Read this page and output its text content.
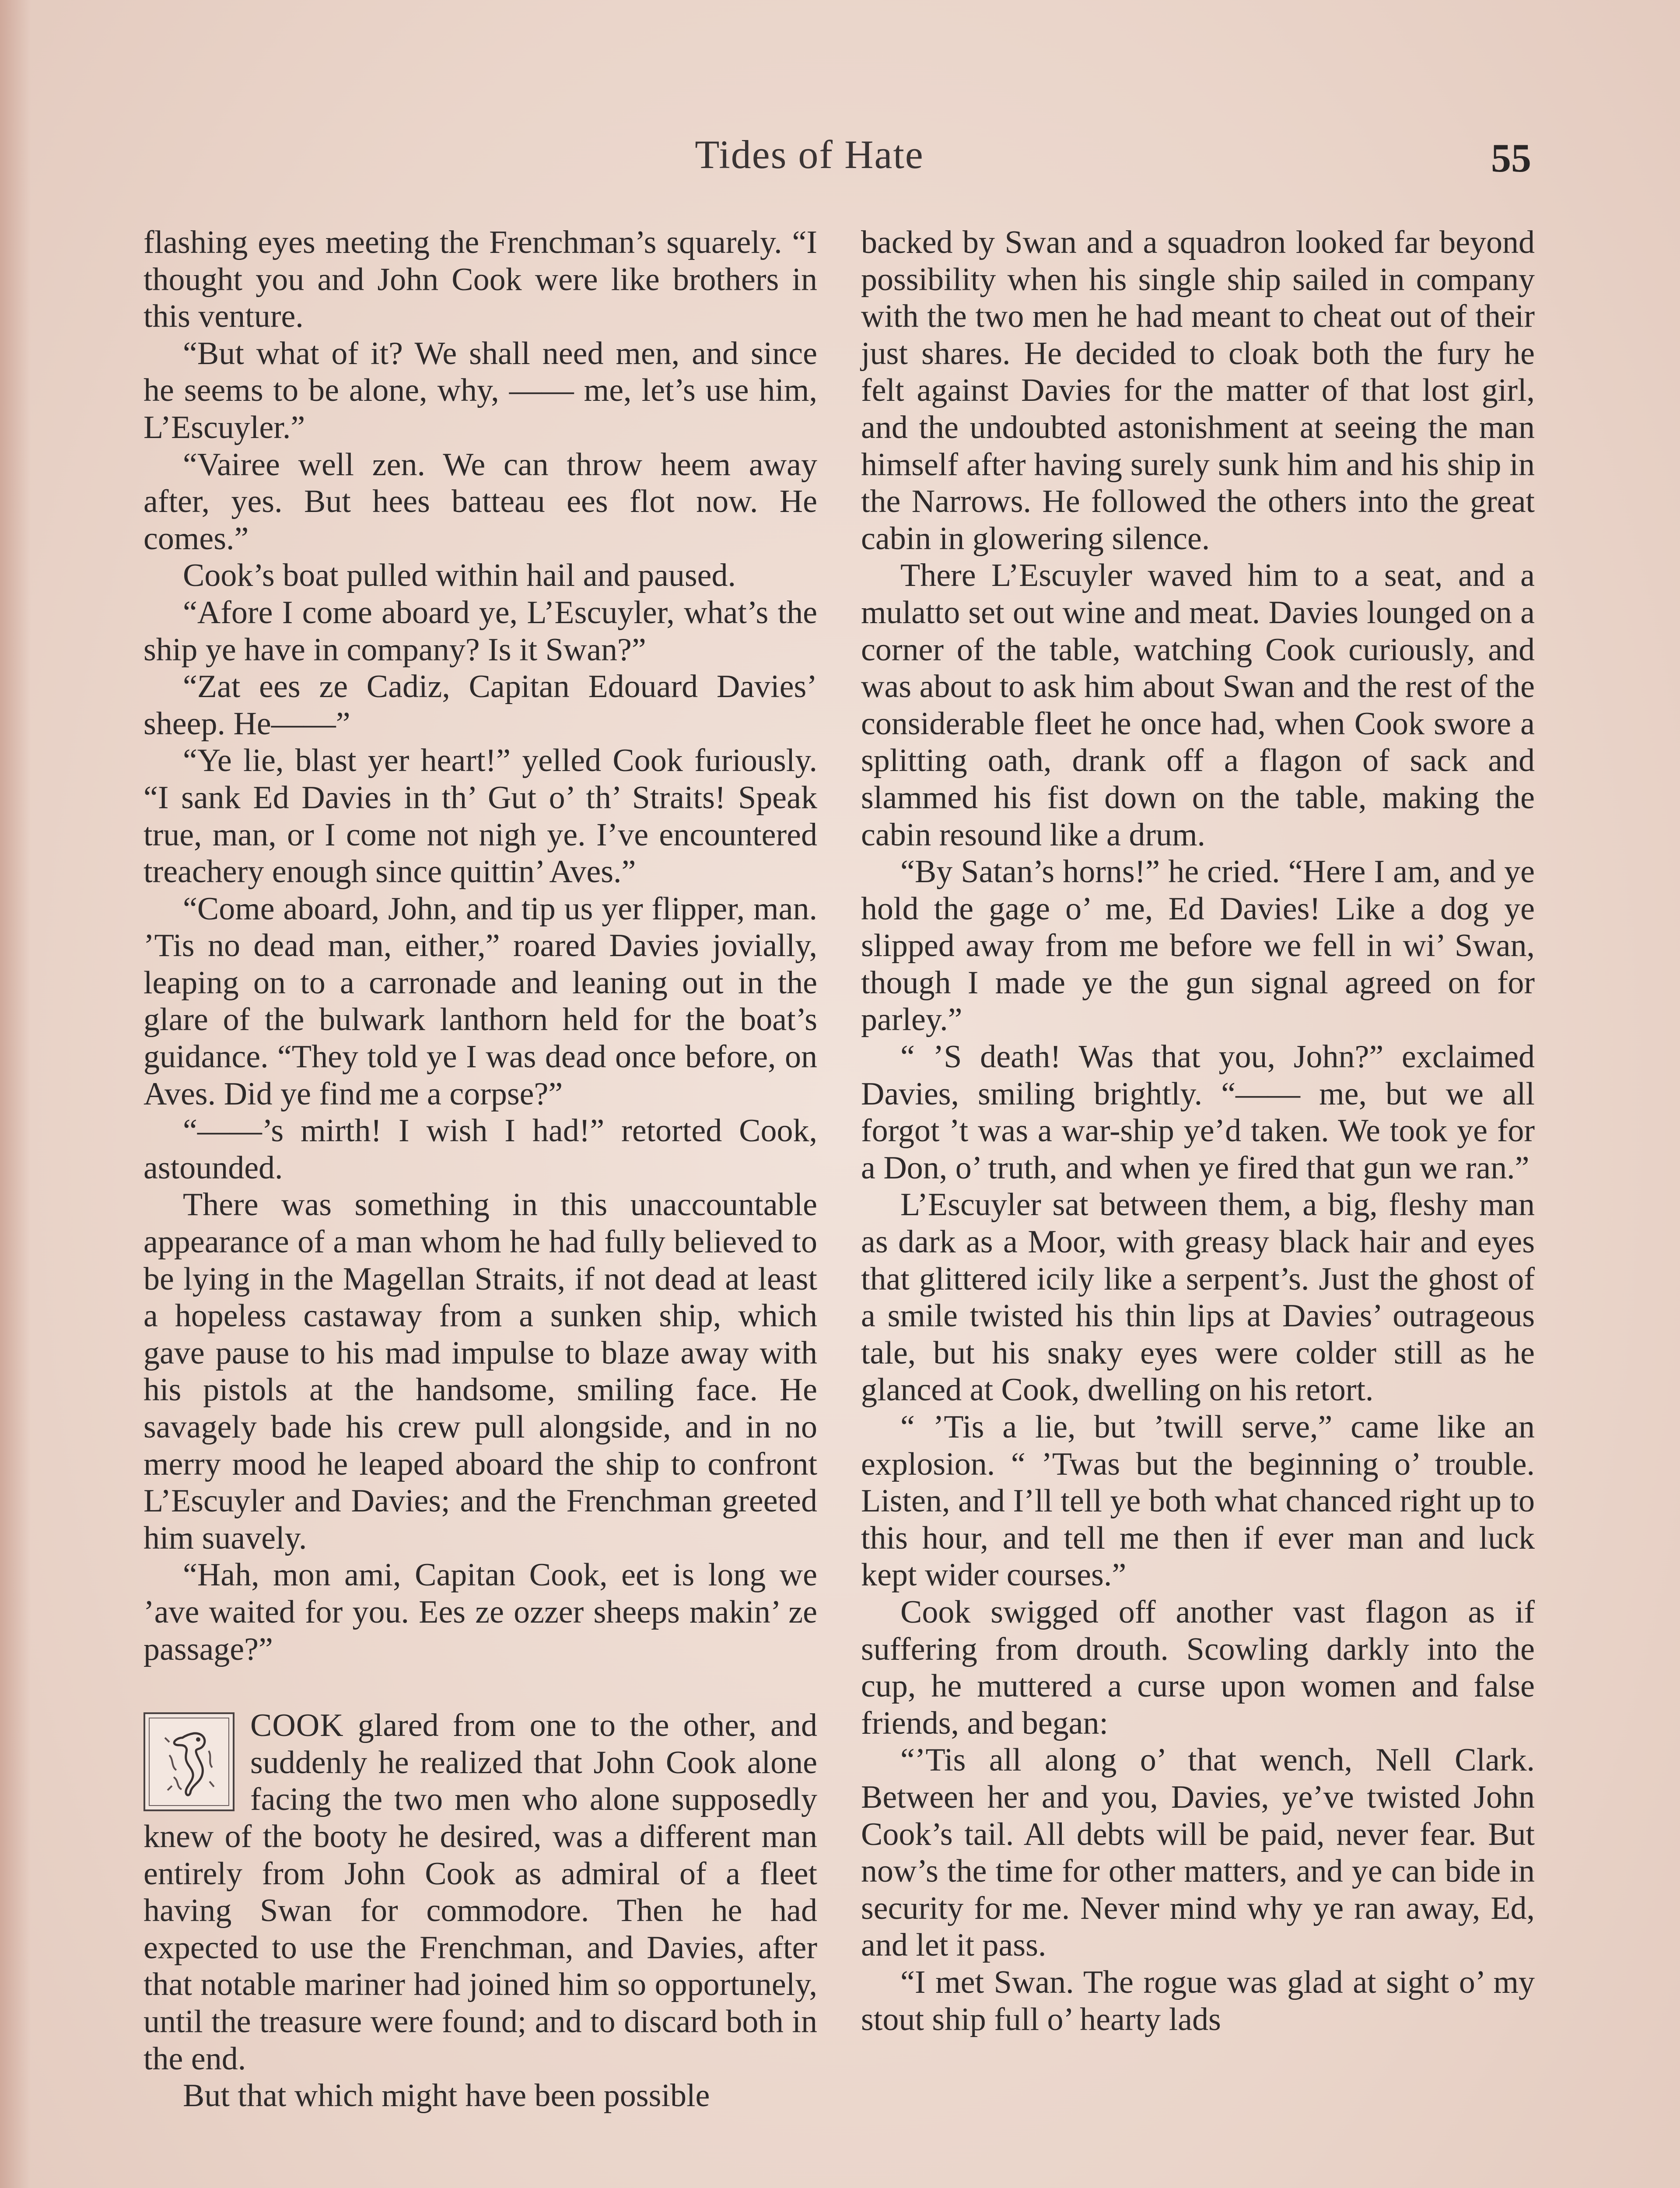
Tides of Hate	55

flashing eyes meeting the Frenchman’s squarely. “I thought you and John Cook were like brothers in this venture.

“But what of it? We shall need men, and since he seems to be alone, why, —— me, let’s use him, L’Escuyler.”

“Vairee well zen. We can throw heem away after, yes. But hees batteau ees flot now. He comes.”

Cook’s boat pulled within hail and paused.

“Afore I come aboard ye, L’Escuyler, what’s the ship ye have in company? Is it Swan?”

“Zat ees ze Cadiz, Capitan Edouard Davies’ sheep. He——”

“Ye lie, blast yer heart!” yelled Cook furiously. “I sank Ed Davies in th’ Gut o’ th’ Straits! Speak true, man, or I come not nigh ye. I’ve encountered treachery enough since quittin’ Aves.”

“Come aboard, John, and tip us yer flipper, man. ’Tis no dead man, either,” roared Davies jovially, leaping on to a carronade and leaning out in the glare of the bulwark lanthorn held for the boat’s guidance. “They told ye I was dead once before, on Aves. Did ye find me a corpse?”

“——’s mirth! I wish I had!” retorted Cook, astounded.

There was something in this unaccountable appearance of a man whom he had fully believed to be lying in the Magellan Straits, if not dead at least a hopeless castaway from a sunken ship, which gave pause to his mad impulse to blaze away with his pistols at the handsome, smiling face. He savagely bade his crew pull alongside, and in no merry mood he leaped aboard the ship to confront L’Escuyler and Davies; and the Frenchman greeted him suavely.

“Hah, mon ami, Capitan Cook, eet is long we ’ave waited for you. Ees ze ozzer sheeps makin’ ze passage?”

COOK glared from one to the other, and suddenly he realized that John Cook alone facing the two men who alone supposedly knew of the booty he desired, was a different man entirely from John Cook as admiral of a fleet having Swan for commodore. Then he had expected to use the Frenchman, and Davies, after that notable mariner had joined him so opportunely, until the treasure were found; and to discard both in the end.

But that which might have been possible

backed by Swan and a squadron looked far beyond possibility when his single ship sailed in company with the two men he had meant to cheat out of their just shares. He decided to cloak both the fury he felt against Davies for the matter of that lost girl, and the undoubted astonishment at seeing the man himself after having surely sunk him and his ship in the Narrows. He followed the others into the great cabin in glowering silence.

There L’Escuyler waved him to a seat, and a mulatto set out wine and meat. Davies lounged on a corner of the table, watching Cook curiously, and was about to ask him about Swan and the rest of the considerable fleet he once had, when Cook swore a splitting oath, drank off a flagon of sack and slammed his fist down on the table, making the cabin resound like a drum.

“By Satan’s horns!” he cried. “Here I am, and ye hold the gage o’ me, Ed Davies! Like a dog ye slipped away from me before we fell in wi’ Swan, though I made ye the gun signal agreed on for parley.”

“ ’S death! Was that you, John?” exclaimed Davies, smiling brightly. “—— me, but we all forgot ’t was a war-ship ye’d taken. We took ye for a Don, o’ truth, and when ye fired that gun we ran.”

L’Escuyler sat between them, a big, fleshy man as dark as a Moor, with greasy black hair and eyes that glittered icily like a serpent’s. Just the ghost of a smile twisted his thin lips at Davies’ outrageous tale, but his snaky eyes were colder still as he glanced at Cook, dwelling on his retort.

“ ’Tis a lie, but ’twill serve,” came like an explosion. “ ’Twas but the beginning o’ trouble. Listen, and I’ll tell ye both what chanced right up to this hour, and tell me then if ever man and luck kept wider courses.”

Cook swigged off another vast flagon as if suffering from drouth. Scowling darkly into the cup, he muttered a curse upon women and false friends, and began:

“’Tis all along o’ that wench, Nell Clark. Between her and you, Davies, ye’ve twisted John Cook’s tail. All debts will be paid, never fear. But now’s the time for other matters, and ye can bide in security for me. Never mind why ye ran away, Ed, and let it pass.

“I met Swan. The rogue was glad at sight o’ my stout ship full o’ hearty lads
